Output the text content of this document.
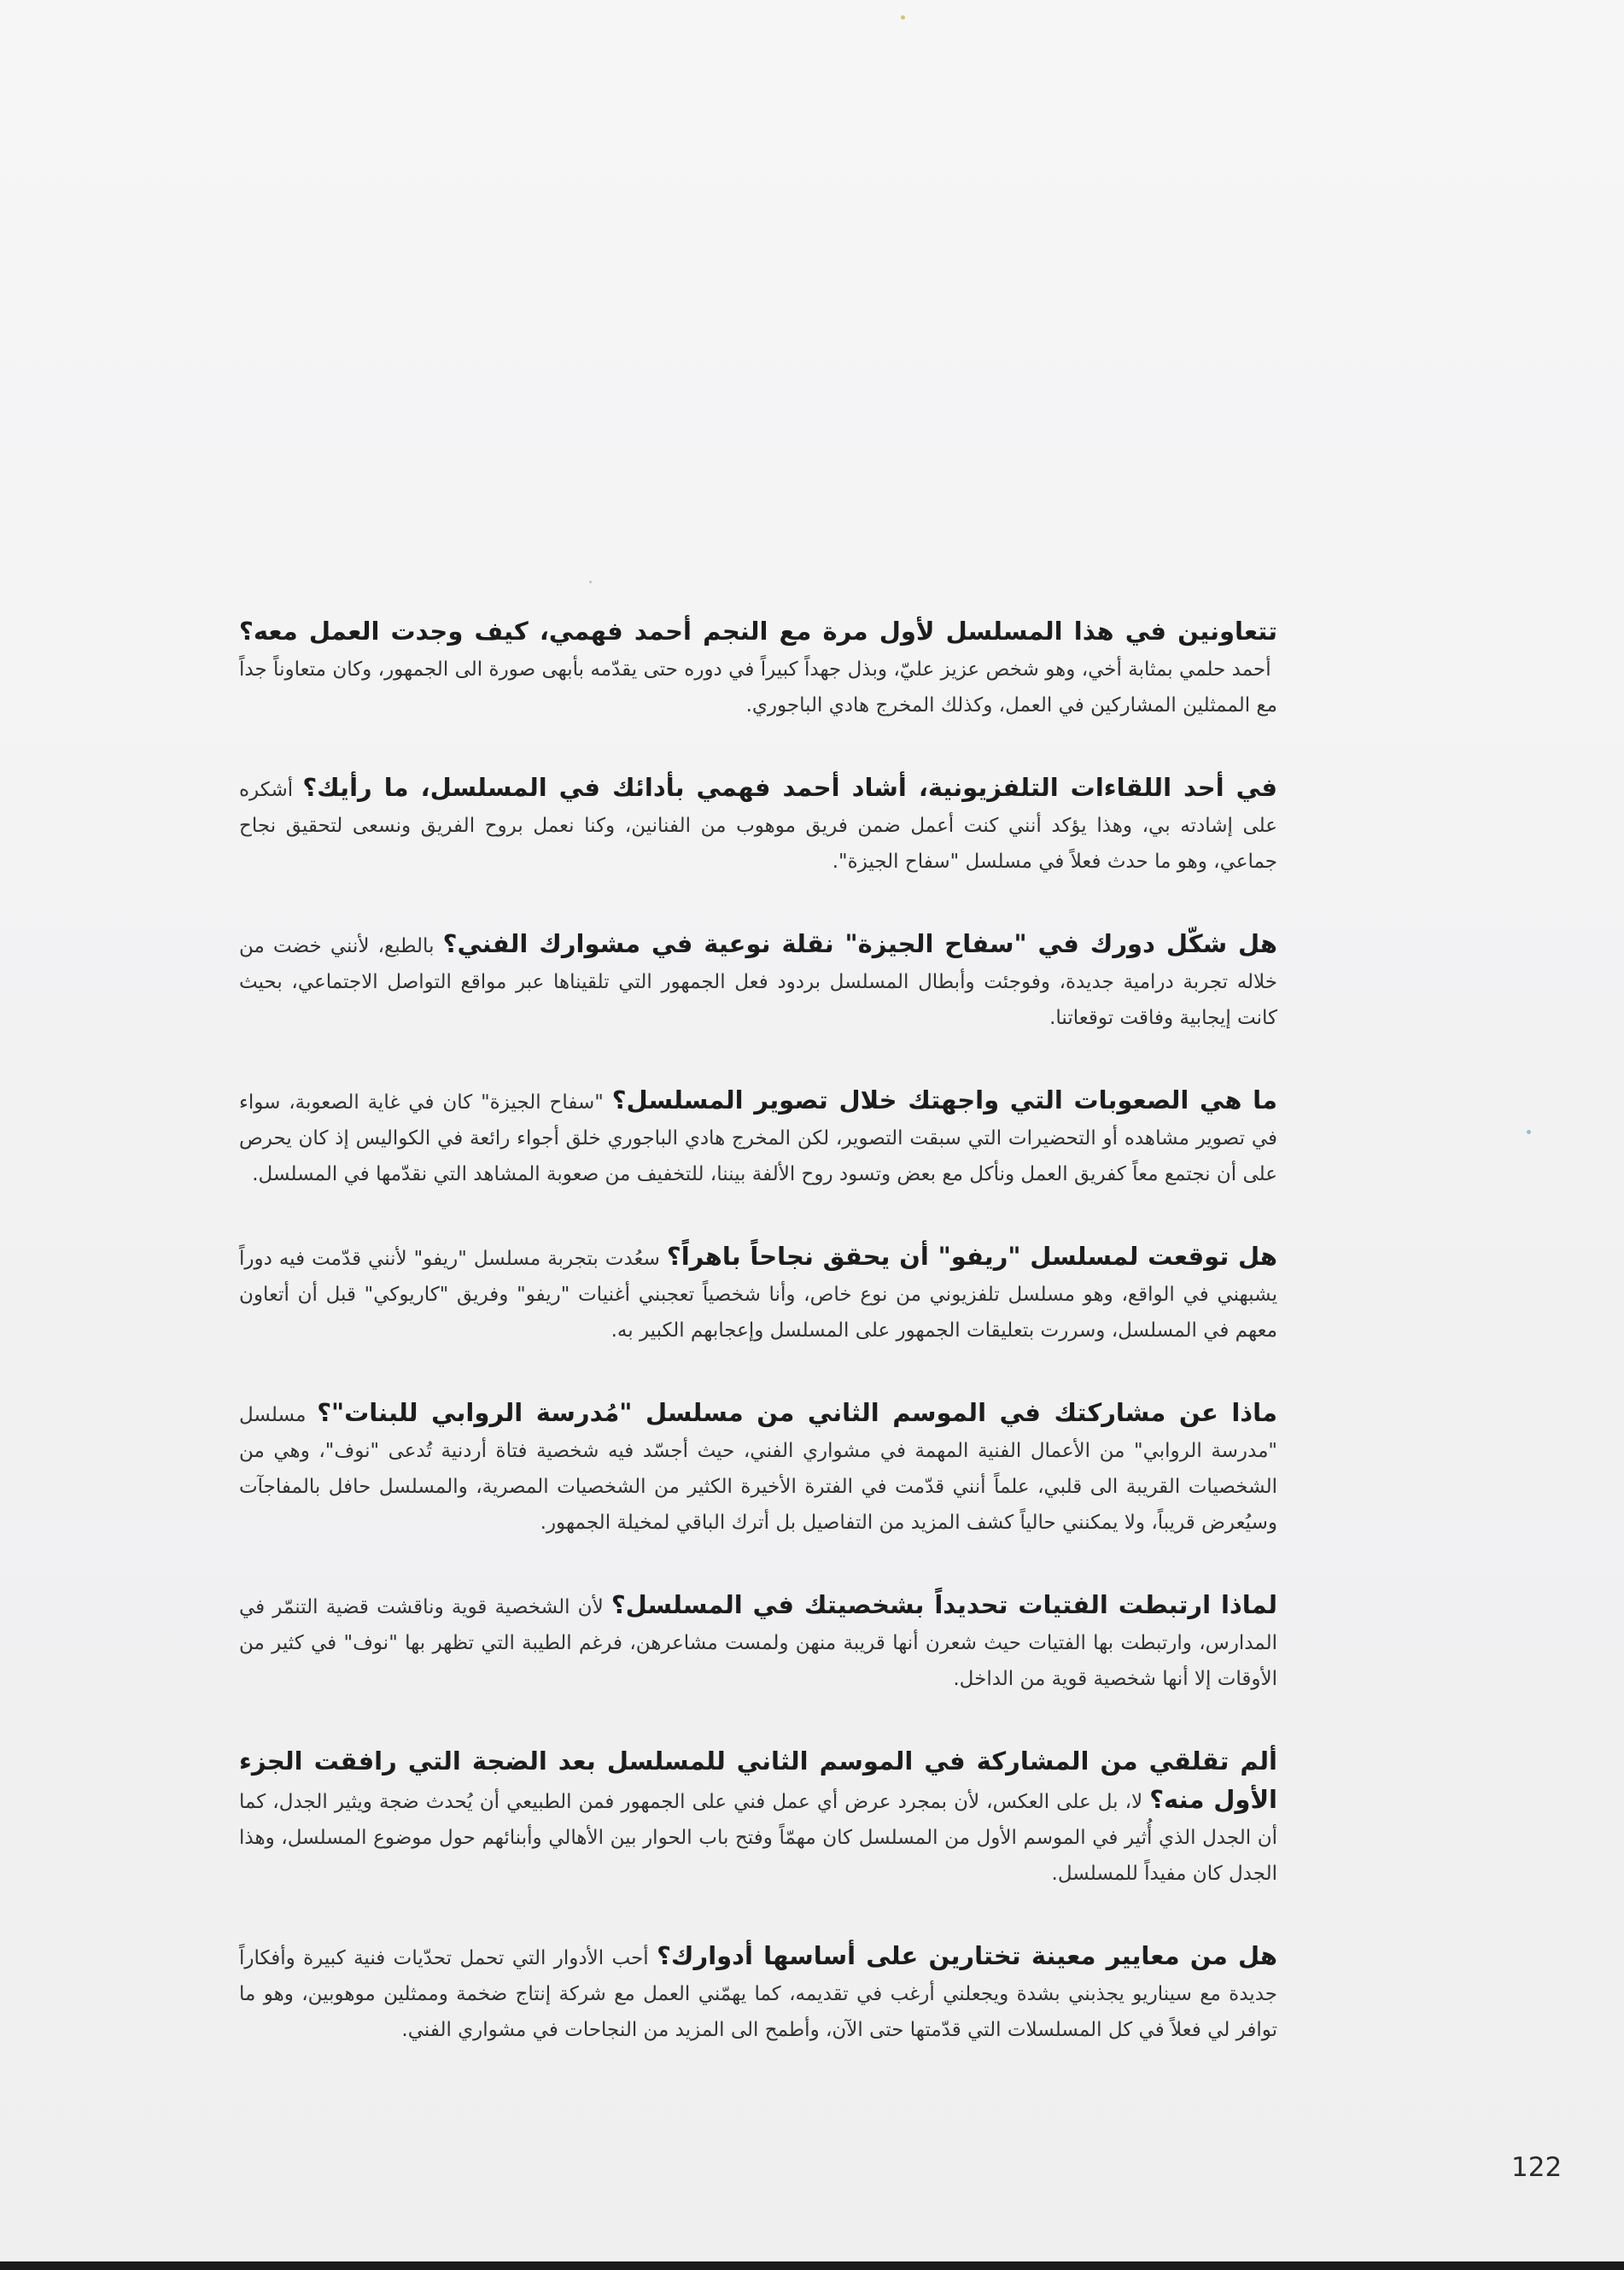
تتعاونين في هذا المسلسل لأول مرة مع النجم أحمد فهمي، كيف وجدت العمل معه؟ أحمد حلمي بمثابة أخي، وهو شخص عزيز عليّ، وبذل جهداً كبيراً في دوره حتى يقدّمه بأبهى صورة الى الجمهور، وكان متعاوناً جداً مع الممثلين المشاركين في العمل، وكذلك المخرج هادي الباجوري.

في أحد اللقاءات التلفزيونية، أشاد أحمد فهمي بأدائك في المسلسل، ما رأيك؟ أشكره على إشادته بي، وهذا يؤكد أنني كنت أعمل ضمن فريق موهوب من الفنانين، وكنا نعمل بروح الفريق ونسعى لتحقيق نجاح جماعي، وهو ما حدث فعلاً في مسلسل "سفاح الجيزة".

هل شكّل دورك في "سفاح الجيزة" نقلة نوعية في مشوارك الفني؟ بالطبع، لأنني خضت من خلاله تجربة درامية جديدة، وفوجئت وأبطال المسلسل بردود فعل الجمهور التي تلقيناها عبر مواقع التواصل الاجتماعي، بحيث كانت إيجابية وفاقت توقعاتنا.

ما هي الصعوبات التي واجهتك خلال تصوير المسلسل؟ "سفاح الجيزة" كان في غاية الصعوبة، سواء في تصوير مشاهده أو التحضيرات التي سبقت التصوير، لكن المخرج هادي الباجوري خلق أجواء رائعة في الكواليس إذ كان يحرص على أن نجتمع معاً كفريق العمل ونأكل مع بعض وتسود روح الألفة بيننا، للتخفيف من صعوبة المشاهد التي نقدّمها في المسلسل.

هل توقعت لمسلسل "ريفو" أن يحقق نجاحاً باهراً؟ سعُدت بتجربة مسلسل "ريفو" لأنني قدّمت فيه دوراً يشبهني في الواقع، وهو مسلسل تلفزيوني من نوع خاص، وأنا شخصياً تعجبني أغنيات "ريفو" وفريق "كاريوكي" قبل أن أتعاون معهم في المسلسل، وسررت بتعليقات الجمهور على المسلسل وإعجابهم الكبير به.

ماذا عن مشاركتك في الموسم الثاني من مسلسل "مُدرسة الروابي للبنات"؟ مسلسل "مدرسة الروابي" من الأعمال الفنية المهمة في مشواري الفني، حيث أجسّد فيه شخصية فتاة أردنية تُدعى "نوف"، وهي من الشخصيات القريبة الى قلبي، علماً أنني قدّمت في الفترة الأخيرة الكثير من الشخصيات المصرية، والمسلسل حافل بالمفاجآت وسيُعرض قريباً، ولا يمكنني حالياً كشف المزيد من التفاصيل بل أترك الباقي لمخيلة الجمهور.

لماذا ارتبطت الفتيات تحديداً بشخصيتك في المسلسل؟ لأن الشخصية قوية وناقشت قضية التنمّر في المدارس، وارتبطت بها الفتيات حيث شعرن أنها قريبة منهن ولمست مشاعرهن، فرغم الطيبة التي تظهر بها "نوف" في كثير من الأوقات إلا أنها شخصية قوية من الداخل.

ألم تقلقي من المشاركة في الموسم الثاني للمسلسل بعد الضجة التي رافقت الجزء الأول منه؟ لا، بل على العكس، لأن بمجرد عرض أي عمل فني على الجمهور فمن الطبيعي أن يُحدث ضجة ويثير الجدل، كما أن الجدل الذي أُثير في الموسم الأول من المسلسل كان مهمّاً وفتح باب الحوار بين الأهالي وأبنائهم حول موضوع المسلسل، وهذا الجدل كان مفيداً للمسلسل.

هل من معايير معينة تختارين على أساسها أدوارك؟ أحب الأدوار التي تحمل تحدّيات فنية كبيرة وأفكاراً جديدة مع سيناريو يجذبني بشدة ويجعلني أرغب في تقديمه، كما يهمّني العمل مع شركة إنتاج ضخمة وممثلين موهوبين، وهو ما توافر لي فعلاً في كل المسلسلات التي قدّمتها حتى الآن، وأطمح الى المزيد من النجاحات في مشواري الفني.

122
